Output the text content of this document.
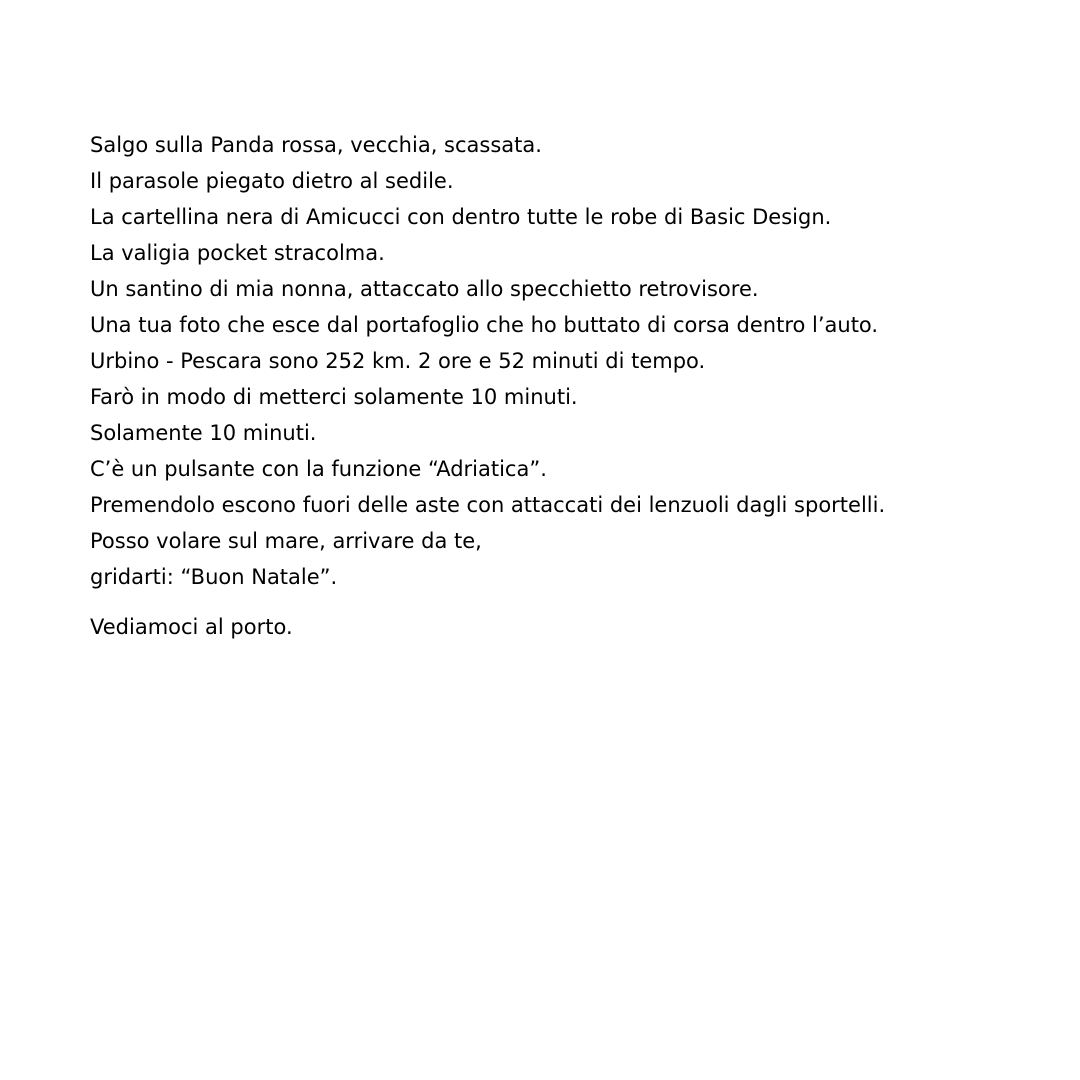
Salgo sulla Panda rossa, vecchia, scassata.
Il parasole piegato dietro al sedile.
La cartellina nera di Amicucci con dentro tutte le robe di Basic Design.
La valigia pocket stracolma.
Un santino di mia nonna, attaccato allo specchietto retrovisore.
Una tua foto che esce dal portafoglio che ho buttato di corsa dentro l’auto.
Urbino - Pescara sono 252 km. 2 ore e 52 minuti di tempo.
Farò in modo di metterci solamente 10 minuti.
Solamente 10 minuti.
C’è un pulsante con la funzione “Adriatica”.
Premendolo escono fuori delle aste con attaccati dei lenzuoli dagli sportelli.
Posso volare sul mare, arrivare da te,
gridarti: “Buon Natale”.

Vediamoci al porto.
